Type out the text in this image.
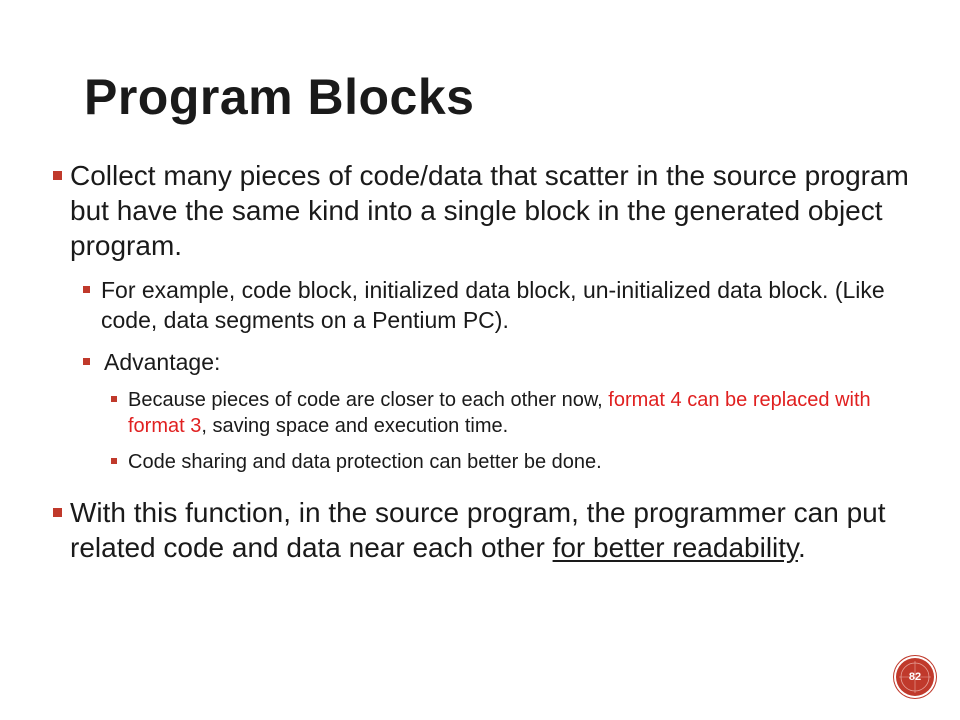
Program Blocks
Collect many pieces of code/data that scatter in the source program but have the same kind into a single block in the generated object program.
For example, code block, initialized data block, un-initialized data block. (Like code, data segments on a Pentium PC).
Advantage:
Because pieces of code are closer to each other now, format 4 can be replaced with format 3, saving space and execution time.
Code sharing and data protection can better be done.
With this function, in the source program, the programmer can put related code and data near each other for better readability.
82
